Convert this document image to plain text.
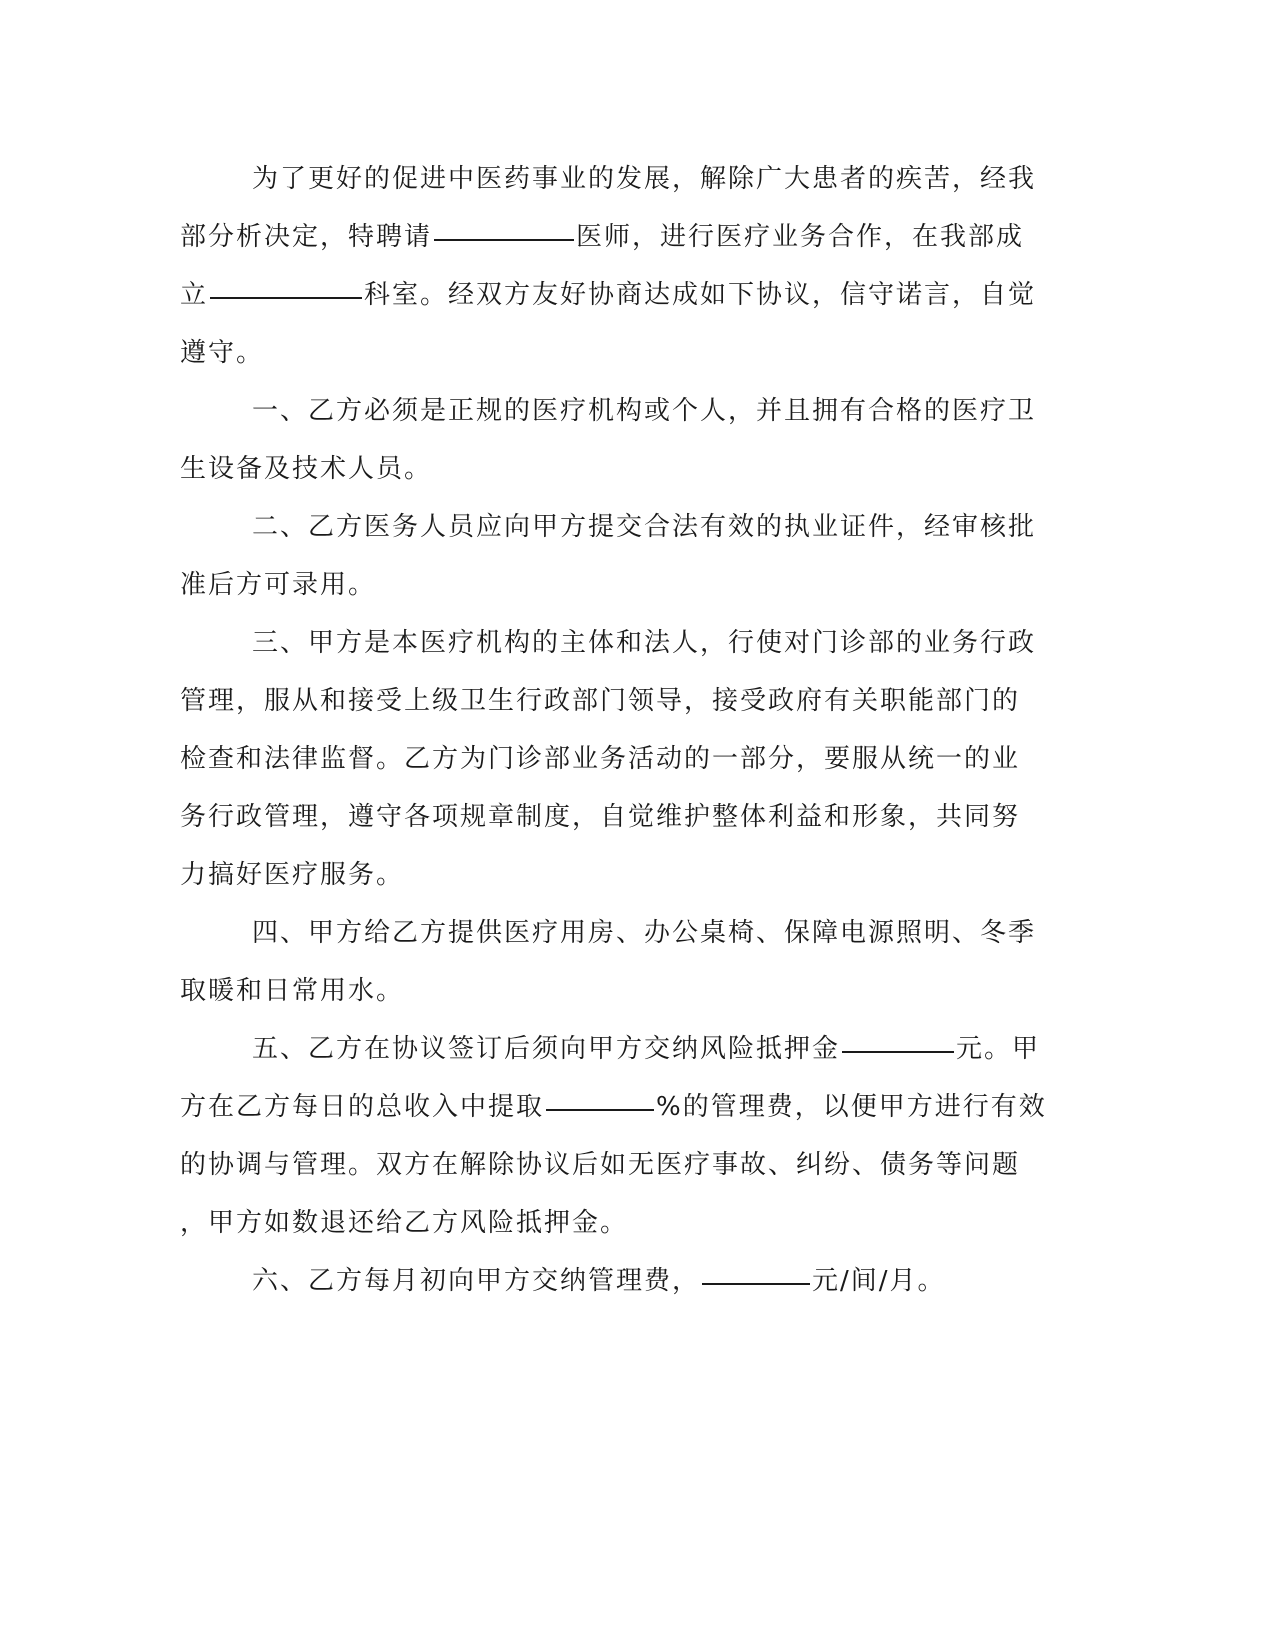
为了更好的促进中医药事业的发展，解除广大患者的疾苦，经我
部分析决定，特聘请	医师，进行医疗业务合作，在我部成
立	科室。经双方友好协商达成如下协议，信守诺言，自觉
遵守。
一、乙方必须是正规的医疗机构或个人，并且拥有合格的医疗卫
生设备及技术人员。
二、乙方医务人员应向甲方提交合法有效的执业证件，经审核批
准后方可录用。
三、甲方是本医疗机构的主体和法人，行使对门诊部的业务行政
管理，服从和接受上级卫生行政部门领导，接受政府有关职能部门的
检查和法律监督。乙方为门诊部业务活动的一部分，要服从统一的业
务行政管理，遵守各项规章制度，自觉维护整体利益和形象，共同努
力搞好医疗服务。
四、甲方给乙方提供医疗用房、办公桌椅、保障电源照明、冬季
取暖和日常用水。
五、乙方在协议签订后须向甲方交纳风险抵押金	元。甲
方在乙方每日的总收入中提取	%的管理费，以便甲方进行有效
的协调与管理。双方在解除协议后如无医疗事故、纠纷、债务等问题
，甲方如数退还给乙方风险抵押金。
六、乙方每月初向甲方交纳管理费，	元/间/月。
